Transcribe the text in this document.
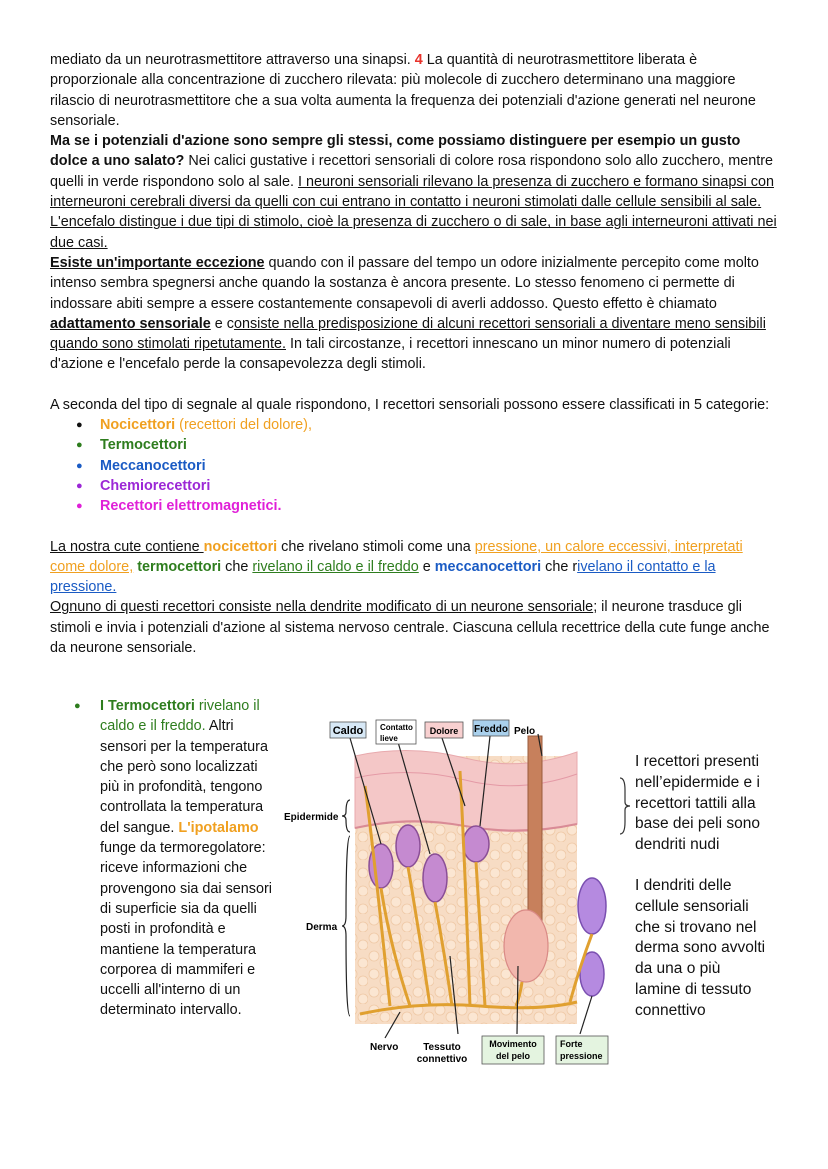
mediato da un neurotrasmettitore attraverso una sinapsi. 4 La quantità di neurotrasmettitore liberata è proporzionale alla concentrazione di zucchero rilevata: più molecole di zucchero determinano una maggiore rilascio di neurotrasmettitore che a sua volta aumenta la frequenza dei potenziali d'azione generati nel neurone sensoriale.

Ma se i potenziali d'azione sono sempre gli stessi, come possiamo distinguere per esempio un gusto dolce a uno salato? Nei calici gustative i recettori sensoriali di colore rosa rispondono solo allo zucchero, mentre quelli in verde rispondono solo al sale. I neuroni sensoriali rilevano la presenza di zucchero e formano sinapsi con interneuroni cerebrali diversi da quelli con cui entrano in contatto i neuroni stimolati dalle cellule sensibili al sale. L'encefalo distingue i due tipi di stimolo, cioè la presenza di zucchero o di sale, in base agli interneuroni attivati nei due casi.

Esiste un'importante eccezione quando con il passare del tempo un odore inizialmente percepito come molto intenso sembra spegnersi anche quando la sostanza è ancora presente. Lo stesso fenomeno ci permette di indossare abiti sempre a essere costantemente consapevoli di averli addosso. Questo effetto è chiamato adattamento sensoriale e consiste nella predisposizione di alcuni recettori sensoriali a diventare meno sensibili quando sono stimolati ripetutamente. In tali circostanze, i recettori innescano un minor numero di potenziali d'azione e l'encefalo perde la consapevolezza degli stimoli.

A seconda del tipo di segnale al quale rispondono, I recettori sensoriali possono essere classificati in 5 categorie:

● Nocicettori (recettori del dolore),
● Termocettori
● Meccanocettori
● Chemiorecettori
● Recettori elettromagnetici.

La nostra cute contiene nocicettori che rivelano stimoli come una pressione, un calore eccessivi, interpretati come dolore, termocettori che rivelano il caldo e il freddo e meccanocettori che rivelano il contatto e la pressione.

Ognuno di questi recettori consiste nella dendrite modificato di un neurone sensoriale; il neurone trasduce gli stimoli e invia i potenziali d'azione al sistema nervoso centrale. Ciascuna cellula recettrice della cute funge anche da neurone sensoriale.

●	I Termocettori rivelano il caldo e il freddo. Altri sensori per la temperatura che però sono localizzati più in profondità, tengono controllata la temperatura del sangue. L'ipotalamo funge da termoregolatore: riceve informazioni che provengono sia dai sensori di superficie sia da quelli posti in profondità e mantiene la temperatura corporea di mammiferi e uccelli all'interno di un determinato intervallo.
Caldo Contatto
lieve
Dolore Freddo Pelo
Epidermide
Derma
Nervo Tessuto
connettivo
Movimento
del pelo
Forte
pressione
I recettori presenti
nell’epidermide e i
recettori tattili alla
base dei peli sono
dendriti nudi
I dendriti delle
cellule sensoriali
che si trovano nel
derma sono avvolti
da una o più
lamine di tessuto
connettivo
